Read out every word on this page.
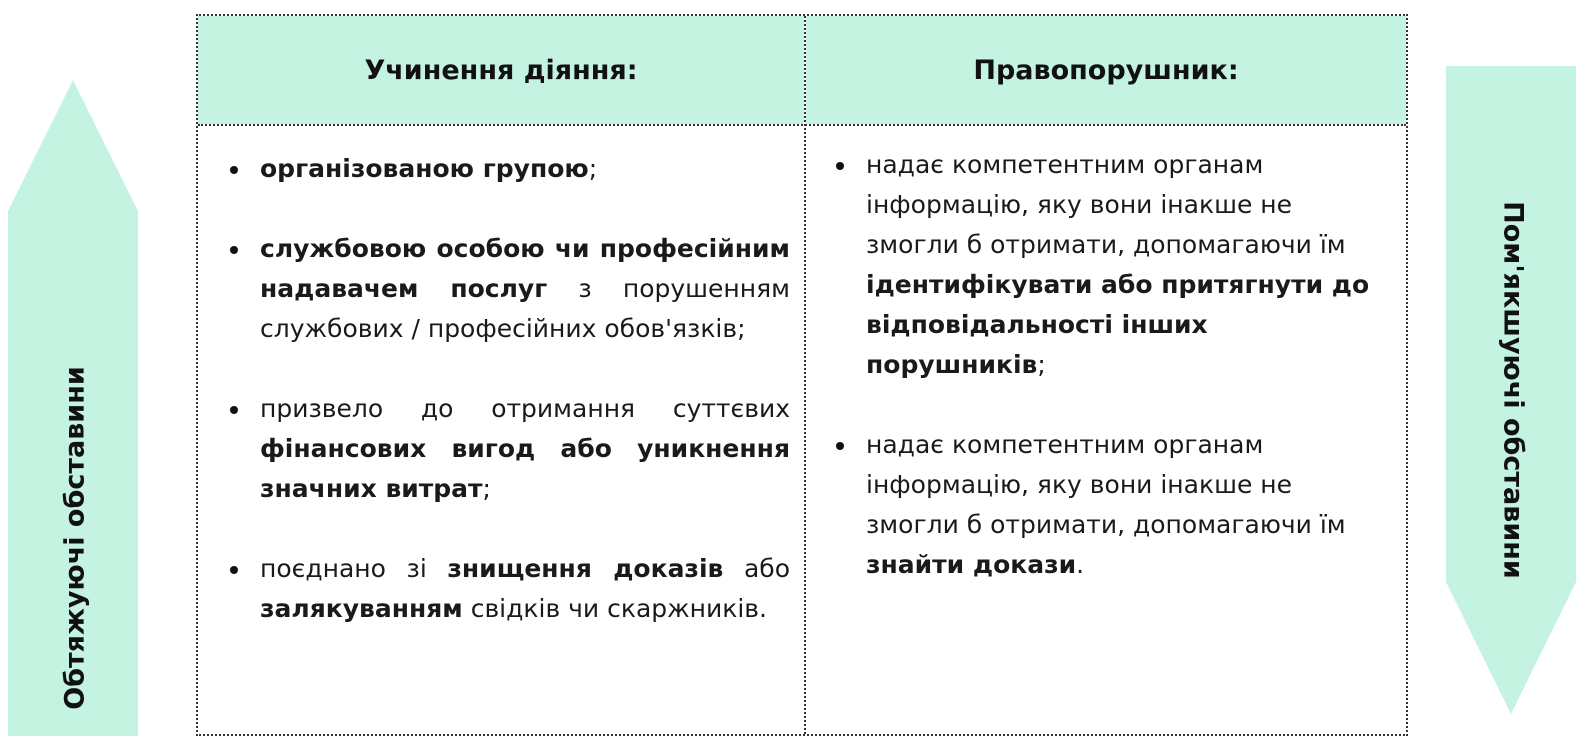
Обтяжуючі обставини	Пом'якшуючі обставини
Учинення діяння:	Правопорушник:
організованою групою;
службовою особою чи професійним надавачем послуг з порушенням службових / професійних обов'язків;
призвело до отримання суттєвих фінансових вигод або уникнення значних витрат;
поєднано зі знищення доказів або залякуванням свідків чи скаржників.
надає компетентним органам інформацію, яку вони інакше не змогли б отримати, допомагаючи їм ідентифікувати або притягнути до відповідальності інших порушників;
надає компетентним органам інформацію, яку вони інакше не змогли б отримати, допомагаючи їм знайти докази.
